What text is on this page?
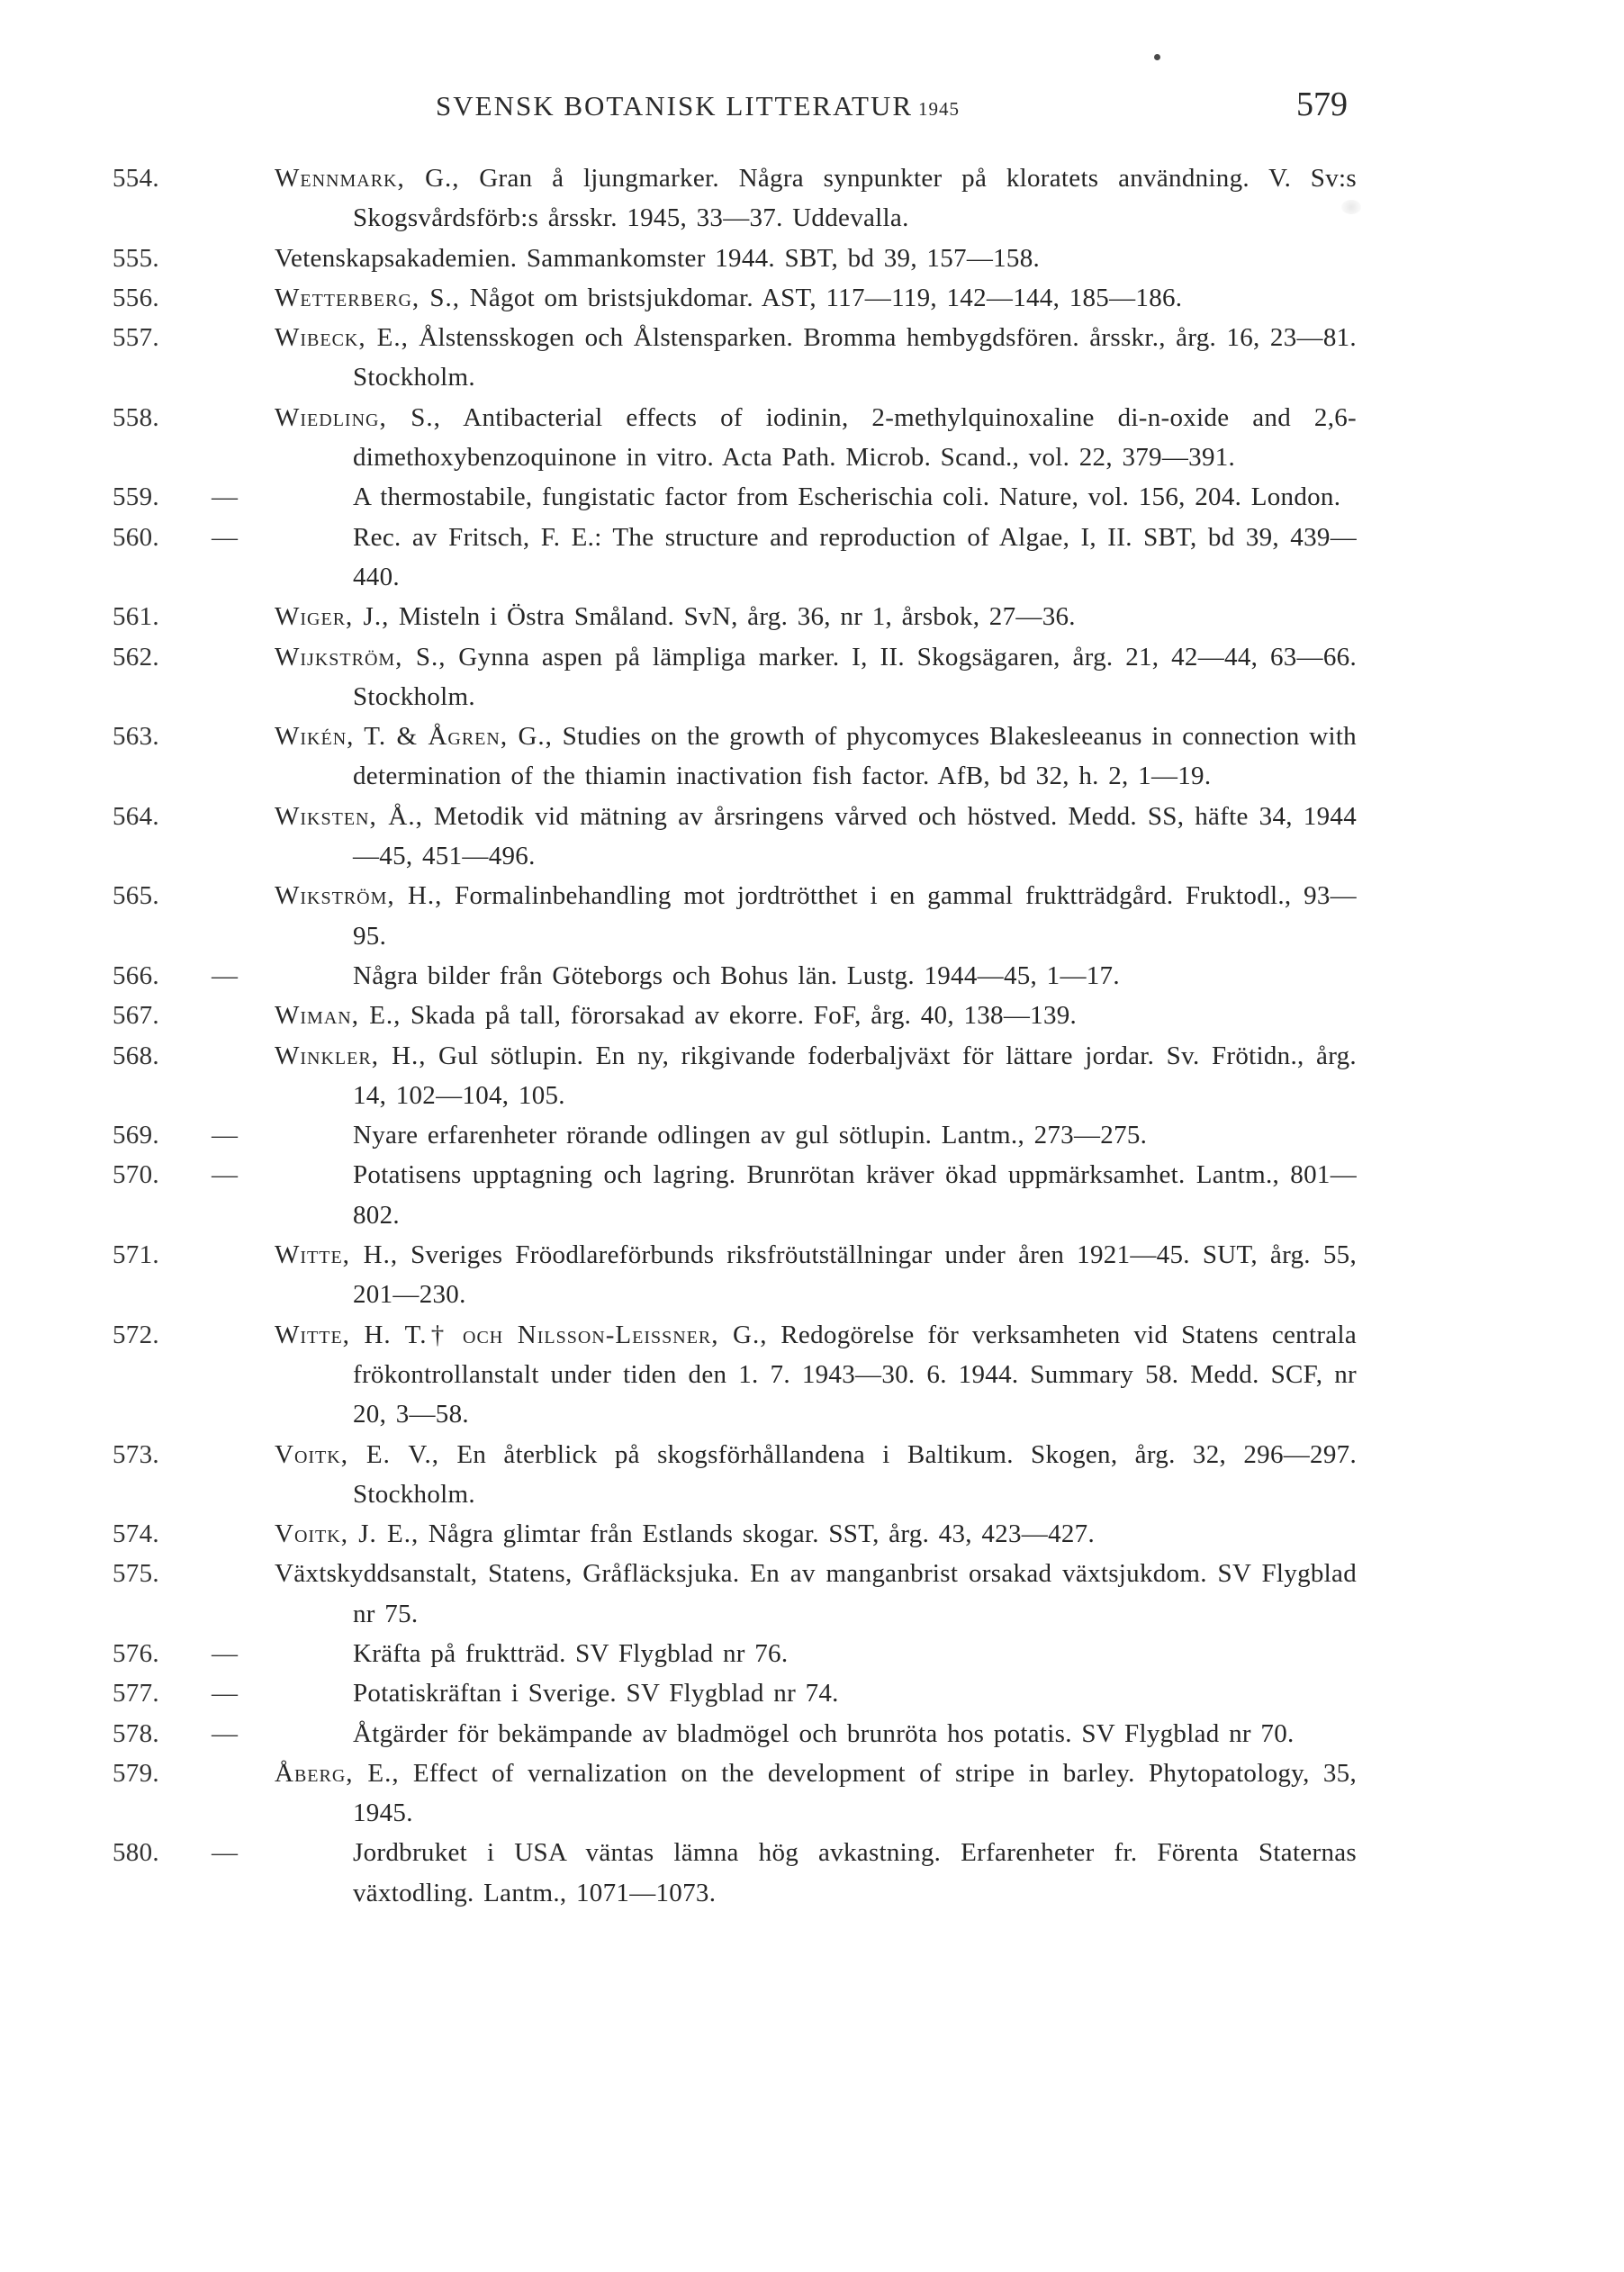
SVENSK BOTANISK LITTERATUR 1945	579
554.	Wennmark, G., Gran å ljungmarker. Några synpunkter på kloratets användning. V. Sv:s Skogsvårdsförb:s årsskr. 1945, 33—37. Uddevalla.
555.	Vetenskapsakademien. Sammankomster 1944. SBT, bd 39, 157—158.
556.	Wetterberg, S., Något om bristsjukdomar. AST, 117—119, 142—144, 185—186.
557.	Wibeck, E., Ålstensskogen och Ålstensparken. Bromma hembygdsfören. årsskr., årg. 16, 23—81. Stockholm.
558.	Wiedling, S., Antibacterial effects of iodinin, 2-methylquinoxaline di-n-oxide and 2,6-dimethoxybenzoquinone in vitro. Acta Path. Microb. Scand., vol. 22, 379—391.
559.	—	A thermostabile, fungistatic factor from Escherischia coli. Nature, vol. 156, 204. London.
560.	—	Rec. av Fritsch, F. E.: The structure and reproduction of Algae, I, II. SBT, bd 39, 439—440.
561.	Wiger, J., Misteln i Östra Småland. SvN, årg. 36, nr 1, årsbok, 27—36.
562.	Wijkström, S., Gynna aspen på lämpliga marker. I, II. Skogsägaren, årg. 21, 42—44, 63—66. Stockholm.
563.	Wikén, T. & Ågren, G., Studies on the growth of phycomyces Blakesleeanus in connection with determination of the thiamin inactivation fish factor. AfB, bd 32, h. 2, 1—19.
564.	Wiksten, Å., Metodik vid mätning av årsringens vårved och höstved. Medd. SS, häfte 34, 1944—45, 451—496.
565.	Wikström, H., Formalinbehandling mot jordtrötthet i en gammal fruktträdgård. Fruktodl., 93—95.
566.	—	Några bilder från Göteborgs och Bohus län. Lustg. 1944—45, 1—17.
567.	Wiman, E., Skada på tall, förorsakad av ekorre. FoF, årg. 40, 138—139.
568.	Winkler, H., Gul sötlupin. En ny, rikgivande foderbaljväxt för lättare jordar. Sv. Frötidn., årg. 14, 102—104, 105.
569.	—	Nyare erfarenheter rörande odlingen av gul sötlupin. Lantm., 273—275.
570.	—	Potatisens upptagning och lagring. Brunrötan kräver ökad uppmärksamhet. Lantm., 801—802.
571.	Witte, H., Sveriges Fröodlareförbunds riksfröutställningar under åren 1921—45. SUT, årg. 55, 201—230.
572.	Witte, H. T.† och Nilsson-Leissner, G., Redogörelse för verksamheten vid Statens centrala frökontrollanstalt under tiden den 1. 7. 1943—30. 6. 1944. Summary 58. Medd. SCF, nr 20, 3—58.
573.	Voitk, E. V., En återblick på skogsförhållandena i Baltikum. Skogen, årg. 32, 296—297. Stockholm.
574.	Voitk, J. E., Några glimtar från Estlands skogar. SST, årg. 43, 423—427.
575.	Växtskyddsanstalt, Statens, Gråfläcksjuka. En av manganbrist orsakad växtsjukdom. SV Flygblad nr 75.
576.	—	Kräfta på fruktträd. SV Flygblad nr 76.
577.	—	Potatiskräftan i Sverige. SV Flygblad nr 74.
578.	—	Åtgärder för bekämpande av bladmögel och brunröta hos potatis. SV Flygblad nr 70.
579.	Åberg, E., Effect of vernalization on the development of stripe in barley. Phytopatology, 35, 1945.
580.	—	Jordbruket i USA väntas lämna hög avkastning. Erfarenheter fr. Förenta Staternas växtodling. Lantm., 1071—1073.
